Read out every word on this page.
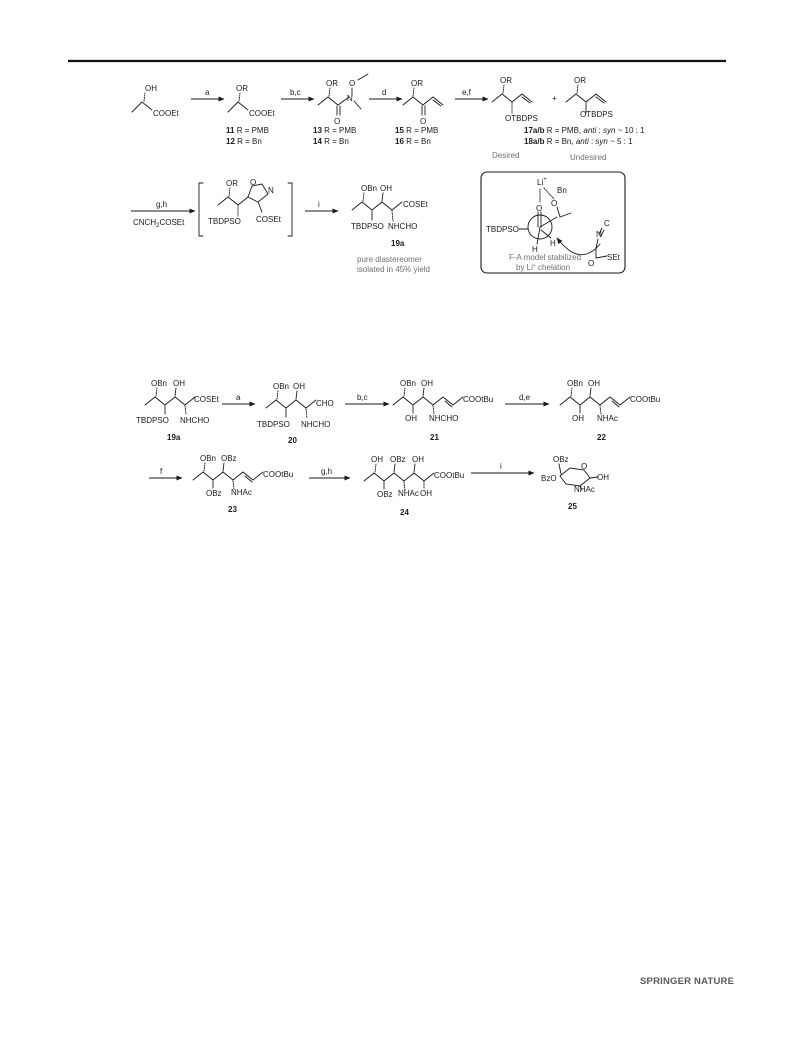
OH
COOEt
a	OR
COOEt
11 R = PMB
12 R = Bn
b,c
OR
O
N
O
13 R = PMB
14 R = Bn
d
OR
O
15 R = PMB
16 R = Bn
e,f
OR
OTBDPS
+
OR
OTBDPS
17a/b R = PMB, anti : syn ~ 10 : 1
18a/b R = Bn, anti : syn ~ 5 : 1
Desired	Undesired
g,h
$CNCH_2COSEt$
OR
TBDPSO
O
N
COSEt
i
OBn OH
COSEt
TBDPSO NHCHO
19a
pure diastereomer
isolated in 45% yield
Li+
Bn
O
O
TBDPSO
H
H
N
C
O
SEt
F-A model stabilized
by Li+ chelation
OBn OH
COSEt
TBDPSO NHCHO
19a
a
OBn OH
CHO
TBDPSO NHCHO
20
b,c
OBn OH
COOtBu
OH NHCHO
21
d,e
OBn OH
COOtBu
OH NHAc
22
f
OBn OBz
COOtBu
OBz NHAc
23
g,h
OH OBz OH
COOtBu
OBz NHAc OH
24
i
OBz
BzO
O
OH
NHAc
25
SPRINGER NATURE
